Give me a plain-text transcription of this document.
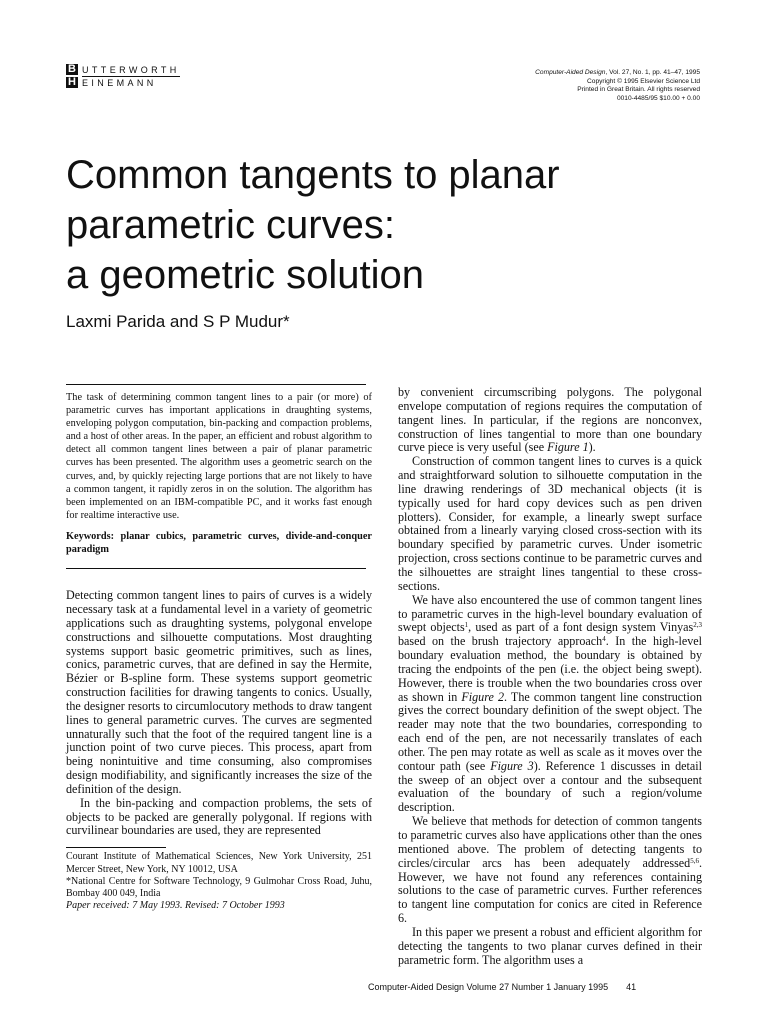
B UTTERWORTH
H EINEMANN
Computer-Aided Design, Vol. 27, No. 1, pp. 41–47, 1995
Copyright © 1995 Elsevier Science Ltd
Printed in Great Britain. All rights reserved
0010-4485/95 $10.00 + 0.00
Common tangents to planar
parametric curves:
a geometric solution
Laxmi Parida and S P Mudur*

The task of determining common tangent lines to a pair (or more) of parametric curves has important applications in draughting systems, enveloping polygon computation, bin-packing and compaction problems, and a host of other areas. In the paper, an efficient and robust algorithm to detect all common tangent lines between a pair of planar parametric curves has been presented. The algorithm uses a geometric search on the curves, and, by quickly rejecting large portions that are not likely to have a common tangent, it rapidly zeros in on the solution. The algorithm has been implemented on an IBM-compatible PC, and it works fast enough for realtime interactive use.

Keywords: planar cubics, parametric curves, divide-and-conquer paradigm

Detecting common tangent lines to pairs of curves is a widely necessary task at a fundamental level in a variety of geometric applications such as draughting systems, polygonal envelope constructions and silhouette computations. Most draughting systems support basic geometric primitives, such as lines, conics, parametric curves, that are defined in say the Hermite, Bézier or B-spline form. These systems support geometric construction facilities for drawing tangents to conics. Usually, the designer resorts to circumlocutory methods to draw tangent lines to general parametric curves. The curves are segmented unnaturally such that the foot of the required tangent line is a junction point of two curve pieces. This process, apart from being nonintuitive and time consuming, also compromises design modifiability, and significantly increases the size of the definition of the design.

In the bin-packing and compaction problems, the sets of objects to be packed are generally polygonal. If regions with curvilinear boundaries are used, they are represented

Courant Institute of Mathematical Sciences, New York University, 251 Mercer Street, New York, NY 10012, USA

*National Centre for Software Technology, 9 Gulmohar Cross Road, Juhu, Bombay 400 049, India

Paper received: 7 May 1993. Revised: 7 October 1993

by convenient circumscribing polygons. The polygonal envelope computation of regions requires the computation of tangent lines. In particular, if the regions are nonconvex, construction of lines tangential to more than one boundary curve piece is very useful (see Figure 1).

Construction of common tangent lines to curves is a quick and straightforward solution to silhouette computation in the line drawing renderings of 3D mechanical objects (it is typically used for hard copy devices such as pen driven plotters). Consider, for example, a linearly swept surface obtained from a linearly varying closed cross-section with its boundary specified by parametric curves. Under isometric projection, cross sections continue to be parametric curves and the silhouettes are straight lines tangential to these cross-sections.

We have also encountered the use of common tangent lines to parametric curves in the high-level boundary evaluation of swept objects$^1$, used as part of a font design system Vinyas$^{2,3}$ based on the brush trajectory approach$^4$. In the high-level boundary evaluation method, the boundary is obtained by tracing the endpoints of the pen (i.e. the object being swept). However, there is trouble when the two boundaries cross over as shown in Figure 2. The common tangent line construction gives the correct boundary definition of the swept object. The reader may note that the two boundaries, corresponding to each end of the pen, are not necessarily translates of each other. The pen may rotate as well as scale as it moves over the contour path (see Figure 3). Reference 1 discusses in detail the sweep of an object over a contour and the subsequent evaluation of the boundary of such a region/volume description.

We believe that methods for detection of common tangents to parametric curves also have applications other than the ones mentioned above. The problem of detecting tangents to circles/circular arcs has been adequately addressed$^{5,6}$. However, we have not found any references containing solutions to the case of parametric curves. Further references to tangent line computation for conics are cited in Reference 6.

In this paper we present a robust and efficient algorithm for detecting the tangents to two planar curves defined in their parametric form. The algorithm uses a

Computer-Aided Design Volume 27 Number 1 January 1995 41
